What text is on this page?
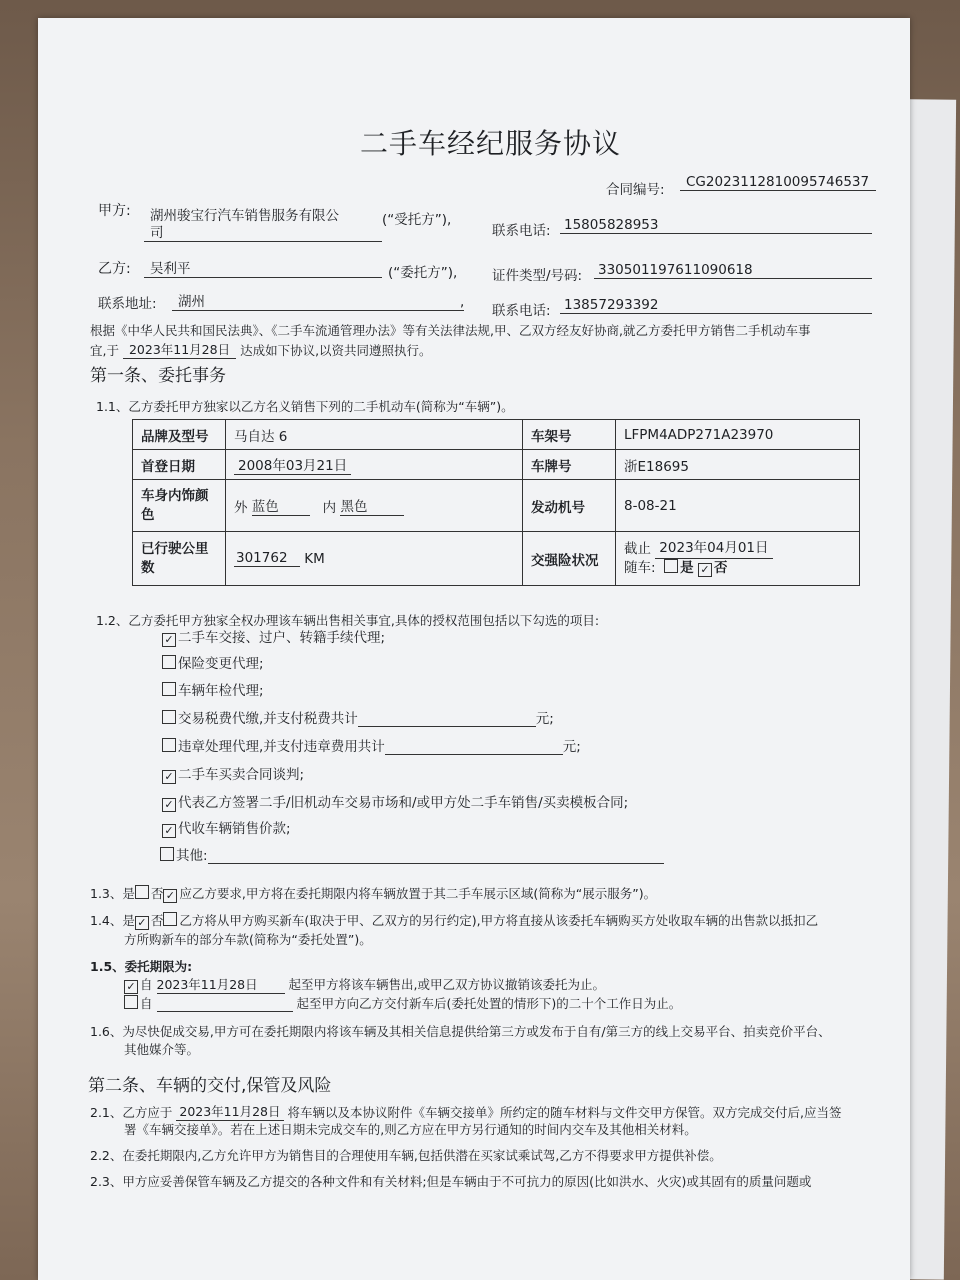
二手车经纪服务协议
合同编号:	CG2023112810095746537
甲方: 湖州骏宝行汽车销售服务有限公
司
(“受托方”),
联系电话: 15805828953
乙方:	吴利平	(“委托方”),	证件类型/号码: 330501197611090618
联系地址:	湖州	,
联系电话: 13857293392
根据《中华人民共和国民法典》、《二手车流通管理办法》等有关法律法规,甲、乙双方经友好协商,就乙方委托甲方销售二手机动车事
宜,于 2023年11月28日 达成如下协议,以资共同遵照执行。
第一条、委托事务
1.1、乙方委托甲方独家以乙方名义销售下列的二手机动车(简称为“车辆”)。
品牌及型号	马自达 6	车架号	LFPM4ADP271A23970
首登日期	2008年03月21日	车牌号	浙E18695
车身内饰颜色	外 蓝色 内 黑色	发动机号	8-08-21
已行驶公里数	301762 KM	交强险状况	截止 2023年04月01日
随车: 是 ✓ 否
1.2、乙方委托甲方独家全权办理该车辆出售相关事宜,具体的授权范围包括以下勾选的项目:
✓ 二手车交接、过户、转籍手续代理;
保险变更代理;
车辆年检代理;
交易税费代缴,并支付税费共计	元;
违章处理代理,并支付违章费用共计	元;
✓ 二手车买卖合同谈判;
✓ 代表乙方签署二手/旧机动车交易市场和/或甲方处二手车销售/买卖模板合同;
✓ 代收车辆销售价款;
其他:
1.3、是 否 ✓ 应乙方要求,甲方将在委托期限内将车辆放置于其二手车展示区域(简称为“展示服务”)。
1.4、是 ✓ 否 乙方将从甲方购买新车(取决于甲、乙双方的另行约定),甲方将直接从该委托车辆购买方处收取车辆的出售款以抵扣乙
方所购新车的部分车款(简称为“委托处置”)。
1.5、委托期限为:
✓ 自 2023年11月28日 起至甲方将该车辆售出,或甲乙双方协议撤销该委托为止。
自	起至甲方向乙方交付新车后(委托处置的情形下)的二十个工作日为止。
1.6、为尽快促成交易,甲方可在委托期限内将该车辆及其相关信息提供给第三方或发布于自有/第三方的线上交易平台、拍卖竞价平台、
其他媒介等。
第二条、车辆的交付,保管及风险
2.1、乙方应于 2023年11月28日 将车辆以及本协议附件《车辆交接单》所约定的随车材料与文件交甲方保管。双方完成交付后,应当签
署《车辆交接单》。若在上述日期未完成交车的,则乙方应在甲方另行通知的时间内交车及其他相关材料。
2.2、在委托期限内,乙方允许甲方为销售目的合理使用车辆,包括供潜在买家试乘试驾,乙方不得要求甲方提供补偿。
2.3、甲方应妥善保管车辆及乙方提交的各种文件和有关材料;但是车辆由于不可抗力的原因(比如洪水、火灾)或其固有的质量问题或
